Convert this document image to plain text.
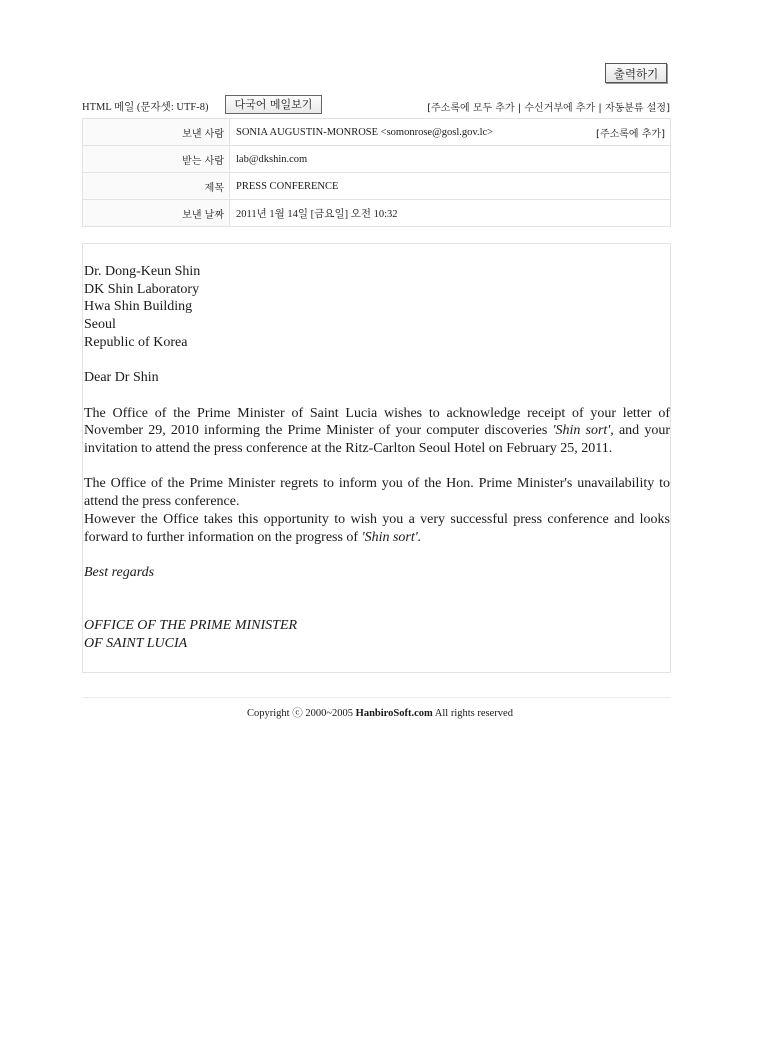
출력하기
HTML 메일 (문자셋: UTF-8)	다국어 메일보기	[주소록에 모두 추가 | 수신거부에 추가 | 자동분류 설정]
보낸 사람	SONIA AUGUSTIN-MONROSE <somonrose@gosl.gov.lc> [주소록에 추가]

받는 사람	lab@dkshin.com
제목	PRESS CONFERENCE
보낸 날짜	2011년 1월 14일 [금요일] 오전 10:32

Dr. Dong-Keun Shin

DK Shin Laboratory

Hwa Shin Building

Seoul

Republic of Korea

Dear Dr Shin

The Office of the Prime Minister of Saint Lucia wishes to acknowledge receipt of your letter of November 29, 2010 informing the Prime Minister of your computer discoveries 'Shin sort', and your invitation to attend the press conference at the Ritz-Carlton Seoul Hotel on February 25, 2011.

The Office of the Prime Minister regrets to inform you of the Hon. Prime Minister's unavailability to attend the press conference.

However the Office takes this opportunity to wish you a very successful press conference and looks forward to further information on the progress of 'Shin sort'.

Best regards

OFFICE OF THE PRIME MINISTER

OF SAINT LUCIA

Copyright ⓒ 2000~2005 HanbiroSoft.com All rights reserved
